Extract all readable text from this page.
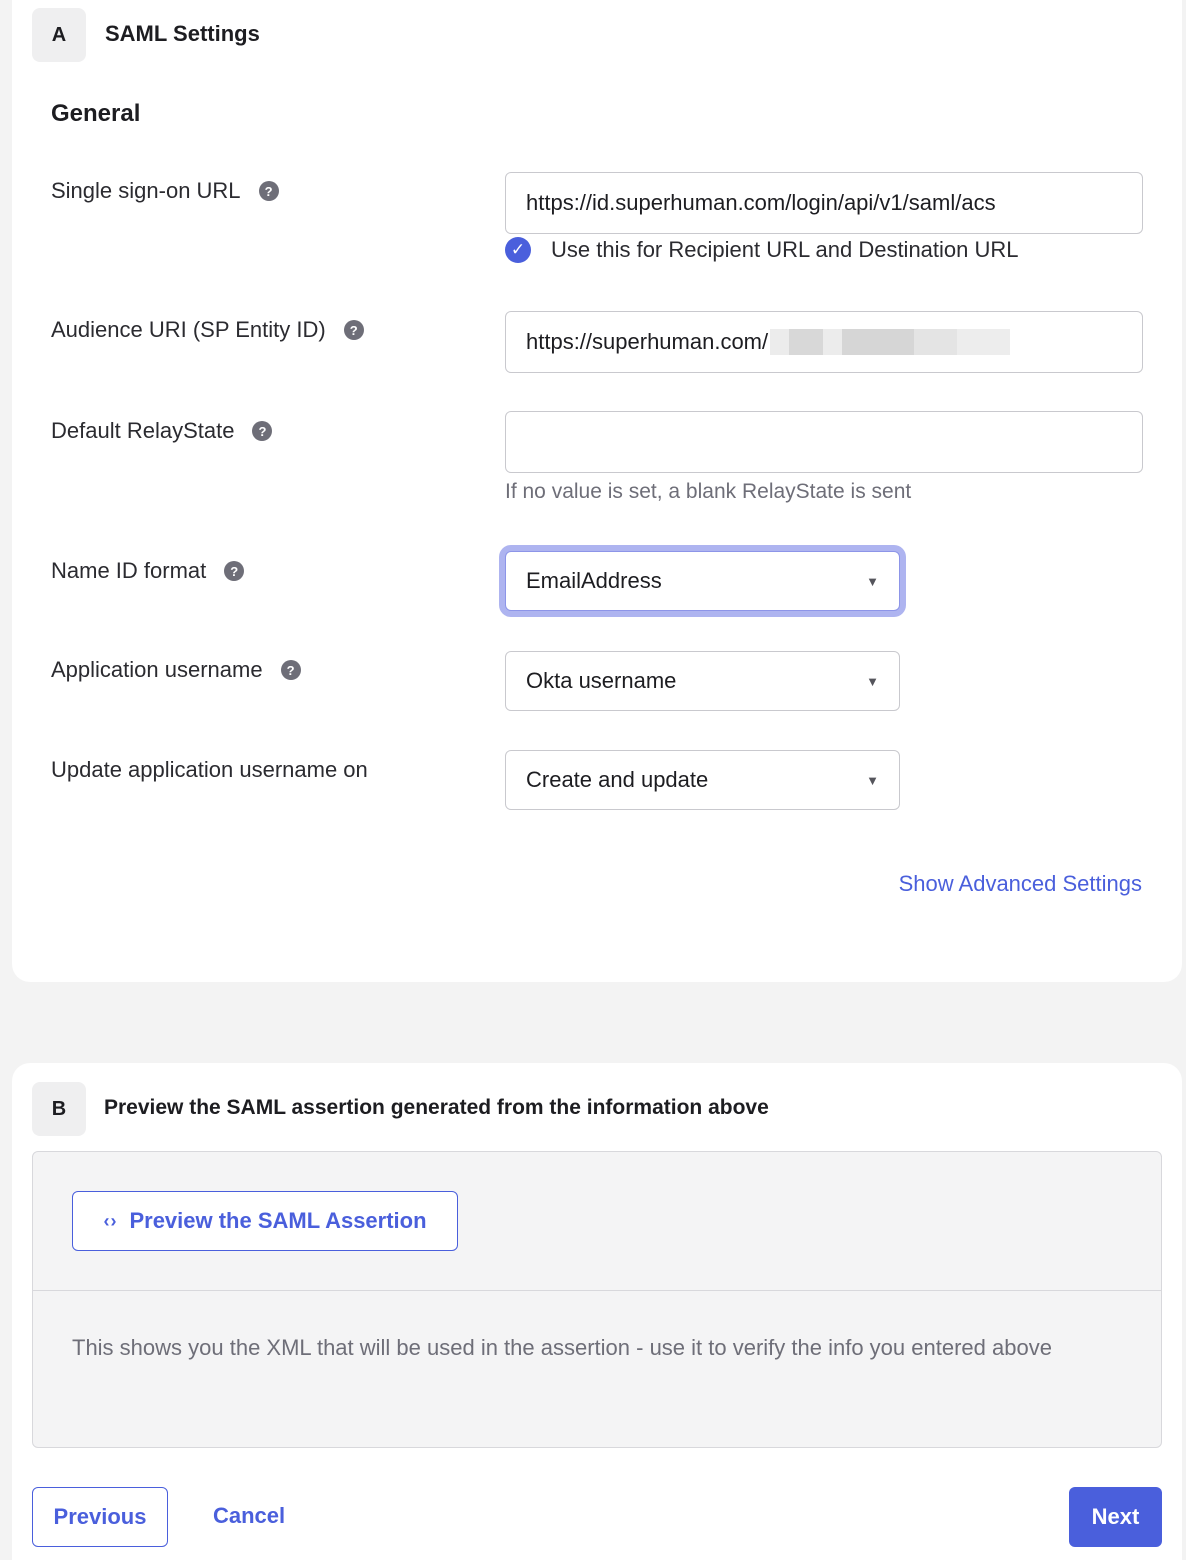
A	SAML Settings
General
Single sign-on URL	?	https://id.superhuman.com/login/api/v1/saml/acs
✓ Use this for Recipient URL and Destination URL
Audience URI (SP Entity ID)	?	https://superhuman.com/
Default RelayState	?
If no value is set, a blank RelayState is sent
Name ID format	?	EmailAddress	▼
Application username	?	Okta username	▼
Update application username on	Create and update	▼
Show Advanced Settings
B	Preview the SAML assertion generated from the information above
‹› Preview the SAML Assertion
This shows you the XML that will be used in the assertion - use it to verify the info you entered above
Previous	Cancel	Next
